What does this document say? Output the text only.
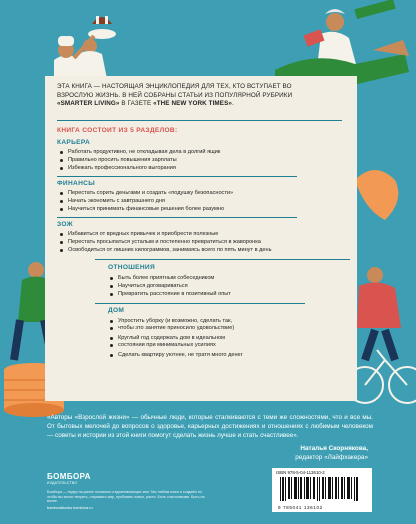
ЭТА КНИГА — НАСТОЯЩАЯ ЭНЦИКЛОПЕДИЯ ДЛЯ ТЕХ, КТО ВСТУПАЕТ ВО
ВЗРОСЛУЮ ЖИЗНЬ. В НЕЙ СОБРАНЫ СТАТЬИ ИЗ ПОПУЛЯРНОЙ РУБРИКИ
«SMARTER LIVING» В ГАЗЕТЕ «THE NEW YORK TIMES».
КНИГА СОСТОИТ ИЗ 5 РАЗДЕЛОВ:
КАРЬЕРА
Работать продуктивно, не откладывая дела в долгий ящик
Правильно просить повышения зарплаты
Избежать профессионального выгорания
ФИНАНСЫ
Перестать сорить деньгами и создать «подушку безопасности»
Начать экономить с завтрашнего дня
Научиться принимать финансовые решения более разумно
ЗОЖ
Избавиться от вредных привычек и приобрести полезные
Перестать просыпаться усталым и постепенно превратиться в жаворонка
Освободиться от лишних килограммов, занимаясь всего по пять минут в день
ОТНОШЕНИЯ
Быть более приятным собеседником
Научиться договариваться
Превратить расстояние в позитивный опыт
ДОМ
Упростить уборку (и возможно, сделать так,
чтобы это занятие приносило удовольствие)
Круглый год содержать дом в идеальном
состоянии при минимальных усилиях
Сделать квартиру уютнее, не тратя много денег
«Авторы «Взрослой жизни» — обычные люди, которые сталкиваются с теми же сложностями, что и все мы. От бытовых мелочей до вопросов о здоровье, карьерных достижениях и отношениях с любимым человеком — советы и истории из этой книги помогут сделать жизнь лучше и стать счастливее».
Наталья Скорнякова,
редактор «Лайфхакера»
БОМБОРА
ИЗДАТЕЛЬСТВО
Бомбора — лидер на рынке полезных и вдохновляющих книг. Мы любим книги и создаём их, чтобы вы могли творить, открывать мир, пробовать новое, расти. Быть счастливыми. Быть на волне.
bomborabooks bombora.ru
ISBN 978-5-04-113610-2
9 785041 136102
